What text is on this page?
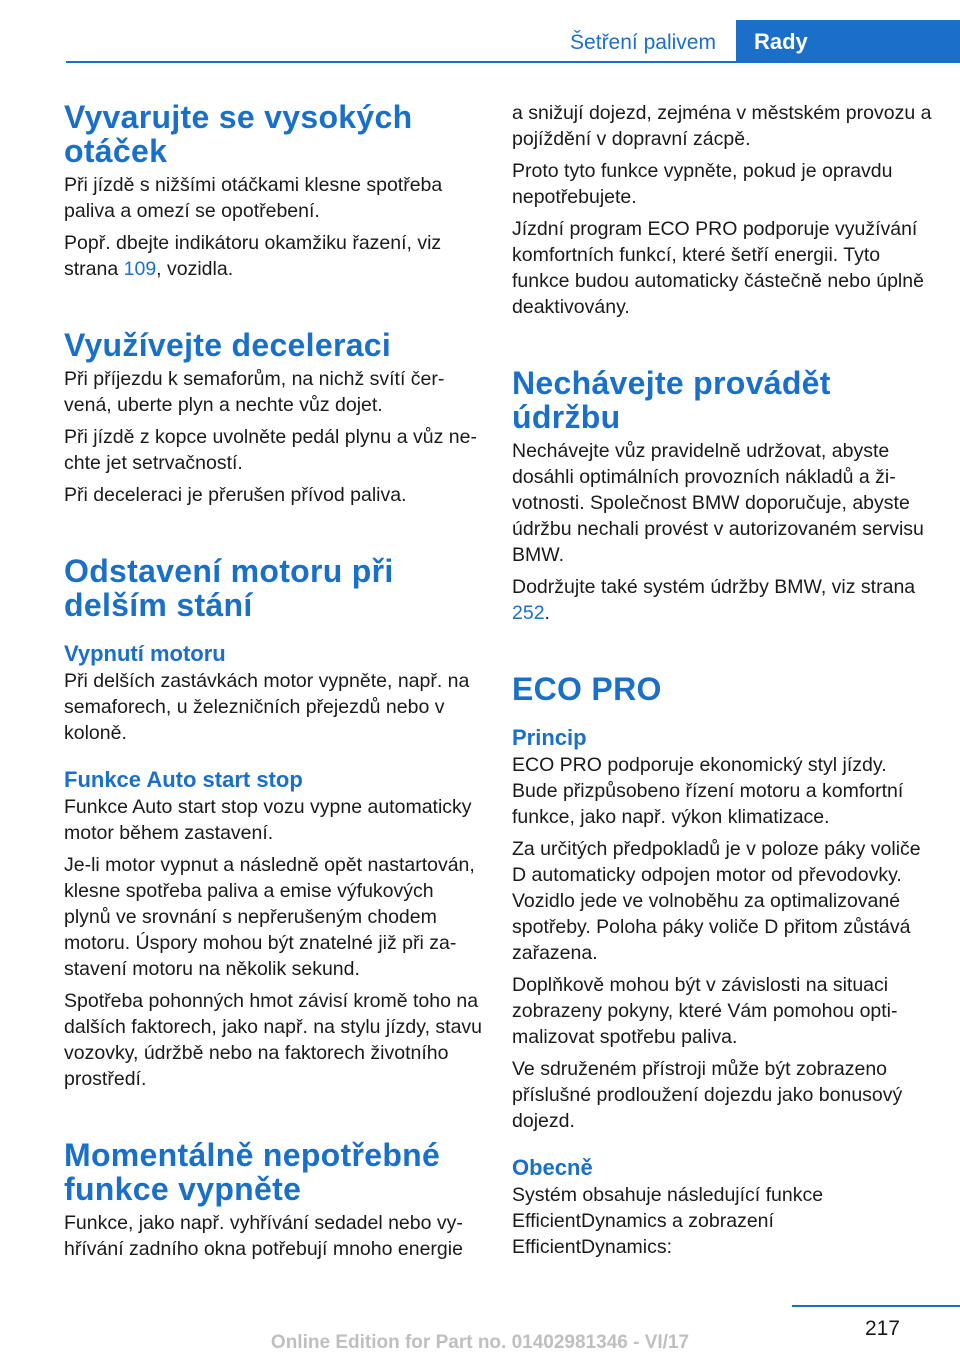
Šetření palivem	Rady
Vyvarujte se vysokých otáček

Při jízdě s nižšími otáčkami klesne spotřeba paliva a omezí se opotřebení.

Popř. dbejte indikátoru okamžiku řazení, viz strana 109, vozidla.

Využívejte deceleraci

Při příjezdu k semaforům, na nichž svítí červená, uberte plyn a nechte vůz dojet.

Při jízdě z kopce uvolněte pedál plynu a vůz nechte jet setrvačností.

Při deceleraci je přerušen přívod paliva.

Odstavení motoru při delším stání
Vypnutí motoru

Při delších zastávkách motor vypněte, např. na semaforech, u železničních přejezdů nebo v koloně.

Funkce Auto start stop

Funkce Auto start stop vozu vypne automaticky motor během zastavení.

Je-li motor vypnut a následně opět nastartován, klesne spotřeba paliva a emise výfukových plynů ve srovnání s nepřerušeným chodem motoru. Úspory mohou být znatelné již při zastavení motoru na několik sekund.

Spotřeba pohonných hmot závisí kromě toho na dalších faktorech, jako např. na stylu jízdy, stavu vozovky, údržbě nebo na faktorech životního prostředí.

Momentálně nepotřebné funkce vypněte

Funkce, jako např. vyhřívání sedadel nebo vyhřívání zadního okna potřebují mnoho energie

a snižují dojezd, zejména v městském provozu a pojíždění v dopravní zácpě.

Proto tyto funkce vypněte, pokud je opravdu nepotřebujete.

Jízdní program ECO PRO podporuje využívání komfortních funkcí, které šetří energii. Tyto funkce budou automaticky částečně nebo úplně deaktivovány.

Nechávejte provádět údržbu

Nechávejte vůz pravidelně udržovat, abyste dosáhli optimálních provozních nákladů a životnosti. Společnost BMW doporučuje, abyste údržbu nechali provést v autorizovaném servisu BMW.

Dodržujte také systém údržby BMW, viz strana 252.

ECO PRO
Princip

ECO PRO podporuje ekonomický styl jízdy. Bude přizpůsobeno řízení motoru a komfortní funkce, jako např. výkon klimatizace.

Za určitých předpokladů je v poloze páky voliče D automaticky odpojen motor od převodovky. Vozidlo jede ve volnoběhu za optimalizované spotřeby. Poloha páky voliče D přitom zůstává zařazena.

Doplňkově mohou být v závislosti na situaci zobrazeny pokyny, které Vám pomohou optimalizovat spotřebu paliva.

Ve sdruženém přístroji může být zobrazeno příslušné prodloužení dojezdu jako bonusový dojezd.

Obecně

Systém obsahuje následující funkce EfficientDynamics a zobrazení EfficientDynamics:

217
Online Edition for Part no. 01402981346 - VI/17
